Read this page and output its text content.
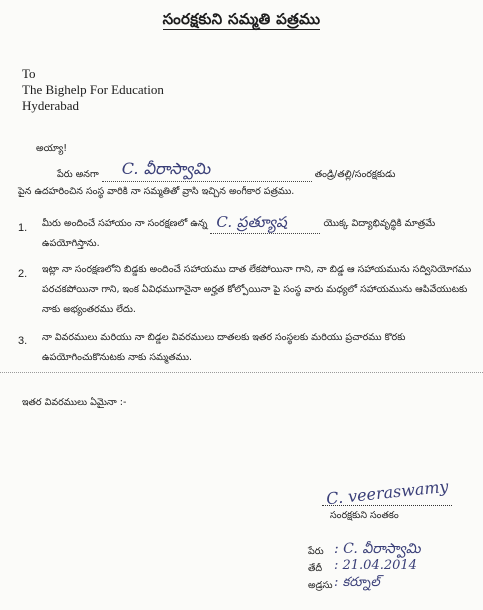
సంరక్షకుని సమ్మతి పత్రము
To
The Bighelp For Education
Hyderabad
అయ్యా!
పేరు అనగా C. వీరాస్వామి	తండ్రి/తల్లి/సంరక్షకుడు
పైన ఉదహరించిన సంస్థ వారికి నా సమ్మతితో వ్రాసి ఇచ్చిన అంగీకార పత్రము.
1. మీరు అందించే సహాయం నా సంరక్షణలో ఉన్న C. ప్రత్యూష	యొక్క విద్యాభివృద్ధికి మాత్రమే ఉపయోగిస్తాను.
2. ఇట్లా నా సంరక్షణలోని బిడ్డకు అందించే సహాయము దాత లేకపోయినా గాని, నా బిడ్డ ఆ సహాయమును సద్వినియోగము పరచకపోయినా గాని, ఇంక ఏవిధముగానైనా అర్హత కోల్పోయినా పై సంస్థ వారు మధ్యలో సహాయమును ఆపివేయుటకు నాకు అభ్యంతరము లేదు.
3. నా వివరములు మరియు నా బిడ్డల వివరములు దాతలకు ఇతర సంస్థలకు మరియు ప్రచారము కొరకు ఉపయోగించుకొనుటకు నాకు సమ్మతము.
ఇతర వివరములు ఏమైనా :-
C. veeraswamy
సంరక్షకుని సంతకం
పేరు : C. వీరాస్వామి
తేదీ : 21.04.2014
అడ్రసు : కర్నూల్
